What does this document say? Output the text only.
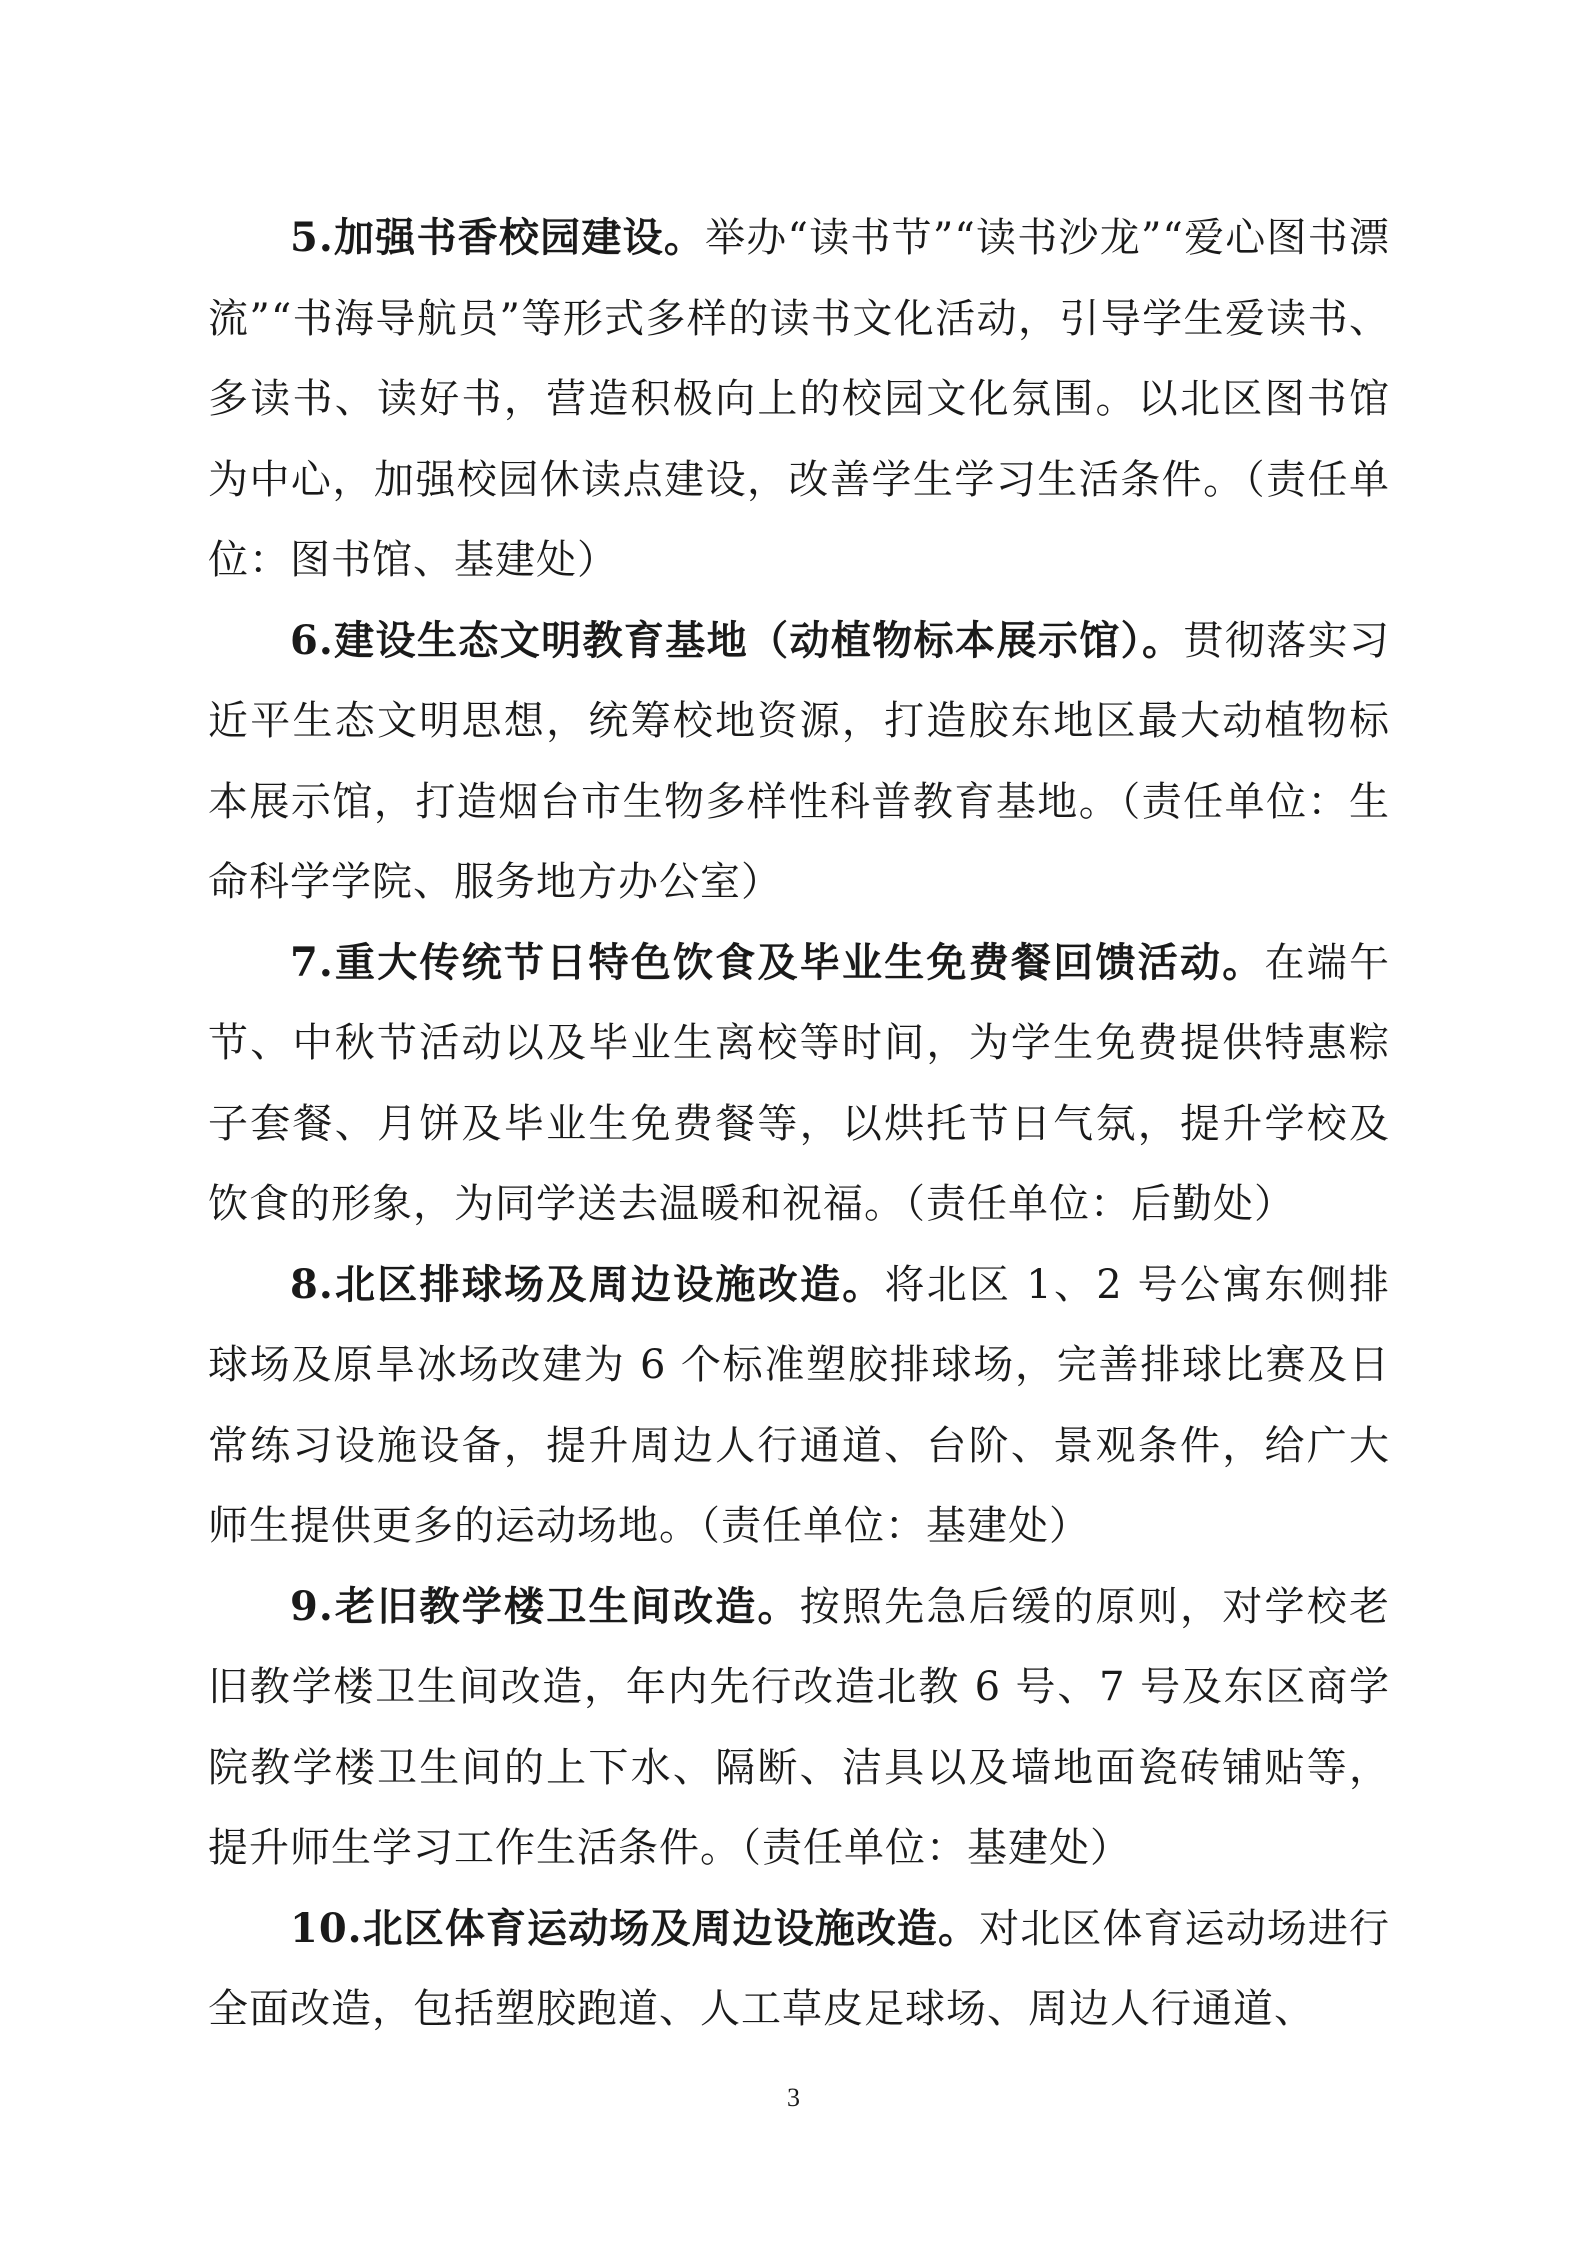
5.加强书香校园建设。举办“读书节”“读书沙龙”“爱心图书漂流”“书海导航员”等形式多样的读书文化活动，引导学生爱读书、多读书、读好书，营造积极向上的校园文化氛围。以北区图书馆为中心，加强校园休读点建设，改善学生学习生活条件。（责任单位：图书馆、基建处）

6.建设生态文明教育基地（动植物标本展示馆）。贯彻落实习近平生态文明思想，统筹校地资源，打造胶东地区最大动植物标本展示馆，打造烟台市生物多样性科普教育基地。（责任单位：生命科学学院、服务地方办公室）

7.重大传统节日特色饮食及毕业生免费餐回馈活动。在端午节、中秋节活动以及毕业生离校等时间，为学生免费提供特惠粽子套餐、月饼及毕业生免费餐等，以烘托节日气氛，提升学校及饮食的形象，为同学送去温暖和祝福。（责任单位：后勤处）

8.北区排球场及周边设施改造。将北区 1、2 号公寓东侧排球场及原旱冰场改建为 6 个标准塑胶排球场，完善排球比赛及日常练习设施设备，提升周边人行通道、台阶、景观条件，给广大师生提供更多的运动场地。（责任单位：基建处）

9.老旧教学楼卫生间改造。按照先急后缓的原则，对学校老旧教学楼卫生间改造，年内先行改造北教 6 号、7 号及东区商学院教学楼卫生间的上下水、隔断、洁具以及墙地面瓷砖铺贴等，提升师生学习工作生活条件。（责任单位：基建处）

10.北区体育运动场及周边设施改造。对北区体育运动场进行全面改造，包括塑胶跑道、人工草皮足球场、周边人行通道、

3
